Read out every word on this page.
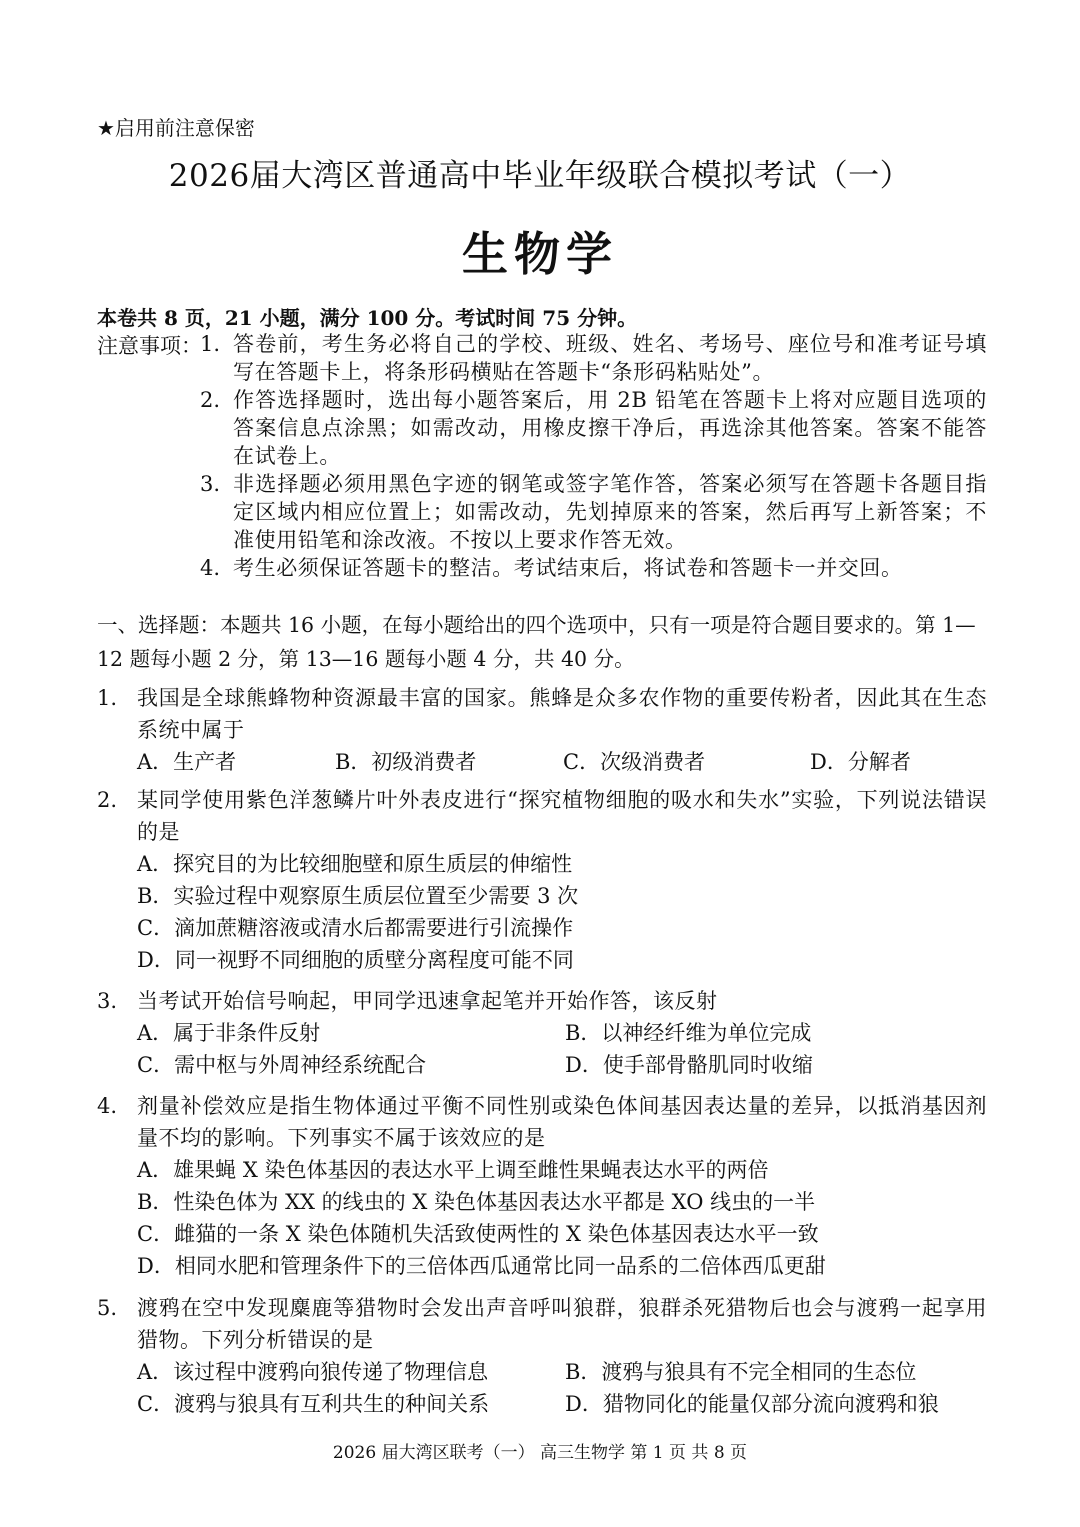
★启用前注意保密
2026届大湾区普通高中毕业年级联合模拟考试（一）
生物学
本卷共 8 页，21 小题，满分 100 分。考试时间 75 分钟。
注意事项：
1. 答卷前，考生务必将自己的学校、班级、姓名、考场号、座位号和准考证号填写在答题卡上，将条形码横贴在答题卡“条形码粘贴处”。
2. 作答选择题时，选出每小题答案后，用 2B 铅笔在答题卡上将对应题目选项的答案信息点涂黑；如需改动，用橡皮擦干净后，再选涂其他答案。答案不能答在试卷上。
3. 非选择题必须用黑色字迹的钢笔或签字笔作答，答案必须写在答题卡各题目指定区域内相应位置上；如需改动，先划掉原来的答案，然后再写上新答案；不准使用铅笔和涂改液。不按以上要求作答无效。
4. 考生必须保证答题卡的整洁。考试结束后，将试卷和答题卡一并交回。
一、选择题：本题共 16 小题，在每小题给出的四个选项中，只有一项是符合题目要求的。第 1—12 题每小题 2 分，第 13—16 题每小题 4 分，共 40 分。
1. 我国是全球熊蜂物种资源最丰富的国家。熊蜂是众多农作物的重要传粉者，因此其在生态系统中属于
A．生产者	B．初级消费者	C．次级消费者	D．分解者
2. 某同学使用紫色洋葱鳞片叶外表皮进行“探究植物细胞的吸水和失水”实验，下列说法错误的是
A．探究目的为比较细胞壁和原生质层的伸缩性
B．实验过程中观察原生质层位置至少需要 3 次
C．滴加蔗糖溶液或清水后都需要进行引流操作
D．同一视野不同细胞的质壁分离程度可能不同
3. 当考试开始信号响起，甲同学迅速拿起笔并开始作答，该反射
A．属于非条件反射	B．以神经纤维为单位完成
C．需中枢与外周神经系统配合	D．使手部骨骼肌同时收缩
4. 剂量补偿效应是指生物体通过平衡不同性别或染色体间基因表达量的差异，以抵消基因剂量不均的影响。下列事实不属于该效应的是
A．雄果蝇 X 染色体基因的表达水平上调至雌性果蝇表达水平的两倍
B．性染色体为 XX 的线虫的 X 染色体基因表达水平都是 XO 线虫的一半
C．雌猫的一条 X 染色体随机失活致使两性的 X 染色体基因表达水平一致
D．相同水肥和管理条件下的三倍体西瓜通常比同一品系的二倍体西瓜更甜
5. 渡鸦在空中发现麋鹿等猎物时会发出声音呼叫狼群，狼群杀死猎物后也会与渡鸦一起享用猎物。下列分析错误的是
A．该过程中渡鸦向狼传递了物理信息	B．渡鸦与狼具有不完全相同的生态位
C．渡鸦与狼具有互利共生的种间关系	D．猎物同化的能量仅部分流向渡鸦和狼
2026 届大湾区联考（一） 高三生物学 第 1 页 共 8 页
